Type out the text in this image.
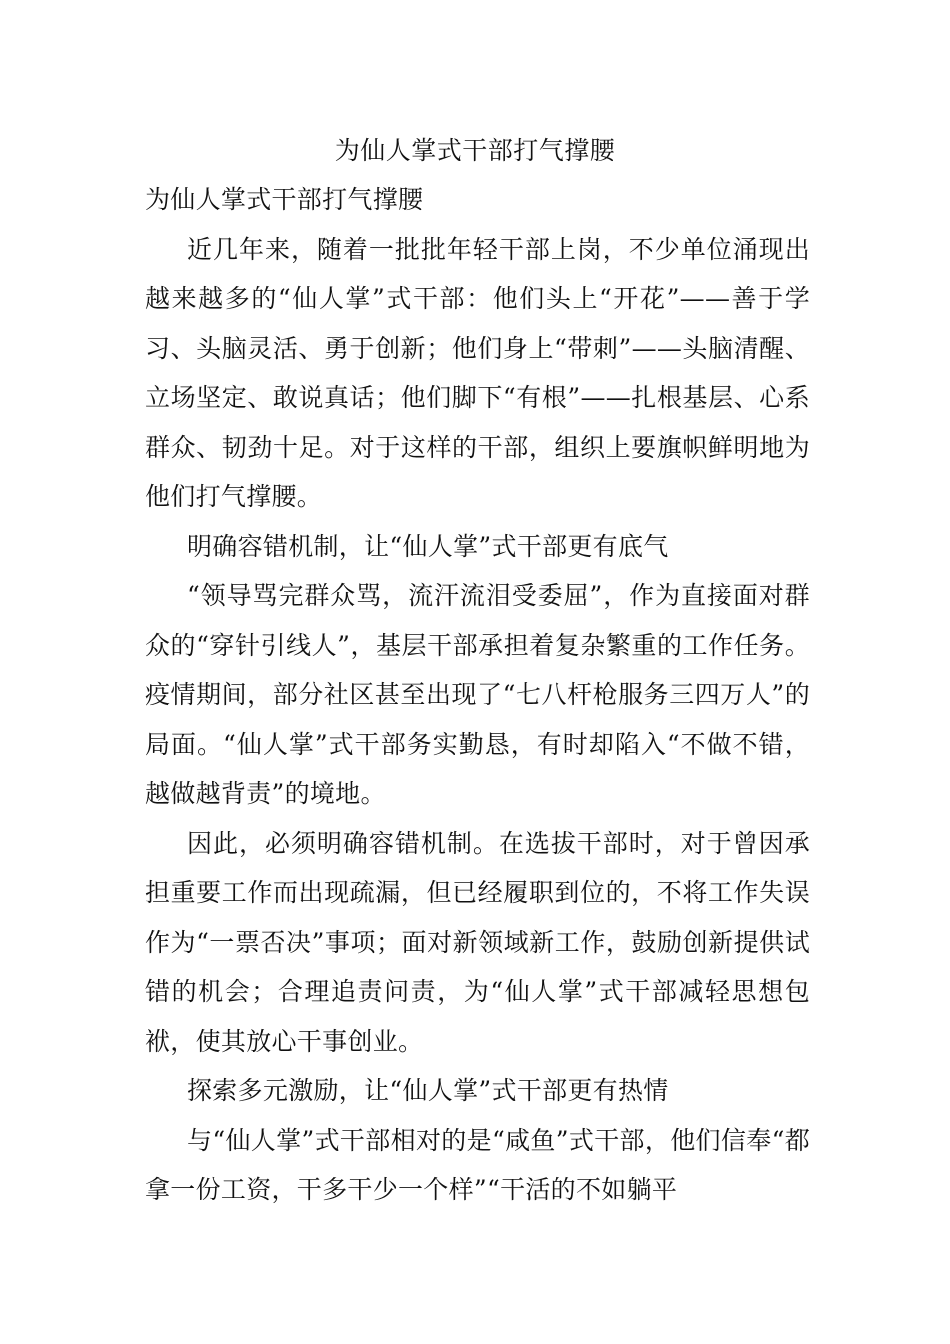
为仙人掌式干部打气撑腰

为仙人掌式干部打气撑腰

近几年来，随着一批批年轻干部上岗，不少单位涌现出越来越多的“仙人掌”式干部：他们头上“开花”——善于学习、头脑灵活、勇于创新；他们身上“带刺”——头脑清醒、立场坚定、敢说真话；他们脚下“有根”——扎根基层、心系群众、韧劲十足。对于这样的干部，组织上要旗帜鲜明地为他们打气撑腰。

明确容错机制，让“仙人掌”式干部更有底气

“领导骂完群众骂，流汗流泪受委屈”，作为直接面对群众的“穿针引线人”，基层干部承担着复杂繁重的工作任务。疫情期间，部分社区甚至出现了“七八杆枪服务三四万人”的局面。“仙人掌”式干部务实勤恳，有时却陷入“不做不错，越做越背责”的境地。

因此，必须明确容错机制。在选拔干部时，对于曾因承担重要工作而出现疏漏，但已经履职到位的，不将工作失误作为“一票否决”事项；面对新领域新工作，鼓励创新提供试错的机会；合理追责问责，为“仙人掌”式干部减轻思想包袱，使其放心干事创业。

探索多元激励，让“仙人掌”式干部更有热情

与“仙人掌”式干部相对的是“咸鱼”式干部，他们信奉“都拿一份工资，干多干少一个样”“干活的不如躺平
